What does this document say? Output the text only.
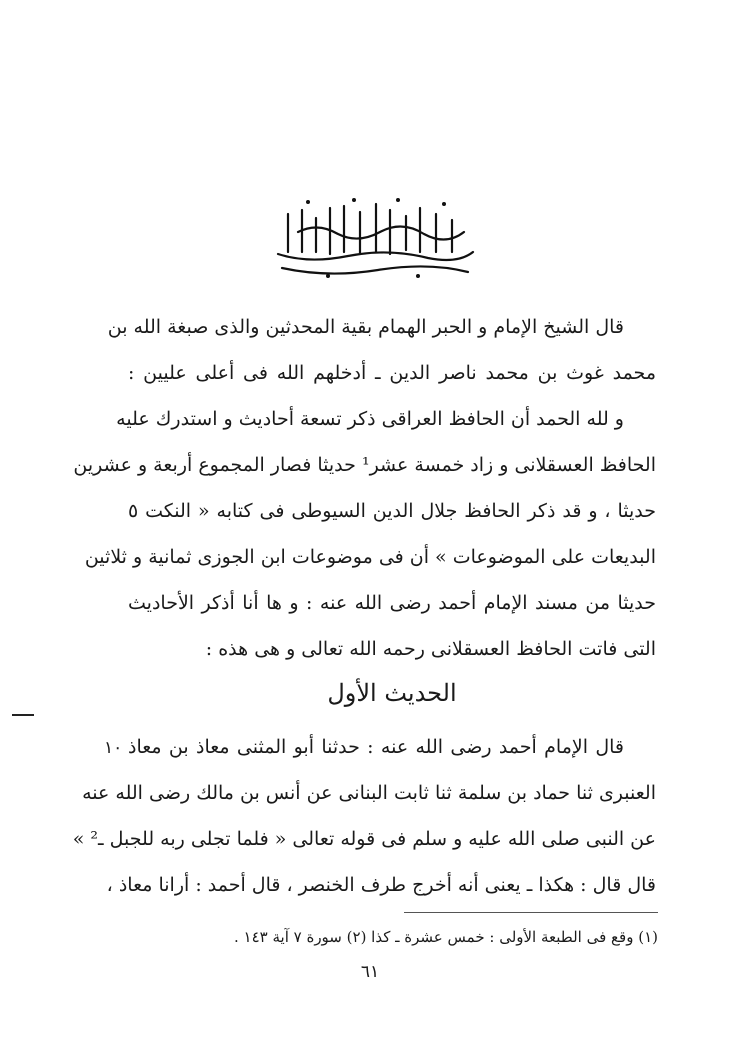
قال الشيخ الإمام و الحبر الهمام بقية المحدثين والذى صبغة الله بن
محمد غوث بن محمد ناصر الدين ـ أدخلهم الله فى أعلى عليين :
و لله الحمد أن الحافظ العراقى ذكر تسعة أحاديث و استدرك عليه
الحافظ العسقلانى و زاد خمسة عشر¹ حديثا فصار المجموع أربعة و عشرين
حديثا ، و قد ذكر الحافظ جلال الدين السيوطى فى كتابه « النكت ٥
البديعات على الموضوعات » أن فى موضوعات ابن الجوزى ثمانية و ثلاثين
حديثا من مسند الإمام أحمد رضى الله عنه : و ها أنا أذكر الأحاديث
التى فاتت الحافظ العسقلانى رحمه الله تعالى و هى هذه :
الحديث الأول
١٠ قال الإمام أحمد رضى الله عنه : حدثنا أبو المثنى معاذ بن معاذ
العنبرى ثنا حماد بن سلمة ثنا ثابت البنانى عن أنس بن مالك رضى الله عنه
عن النبى صلى الله عليه و سلم فى قوله تعالى « فلما تجلى ربه للجبل ـ² »
قال قال : هكذا ـ يعنى أنه أخرج طرف الخنصر ، قال أحمد : أرانا معاذ ،
(١) وقع فى الطبعة الأولى : خمس عشرة ـ كذا (٢) سورة ٧ آية ١٤٣ .
٦١
